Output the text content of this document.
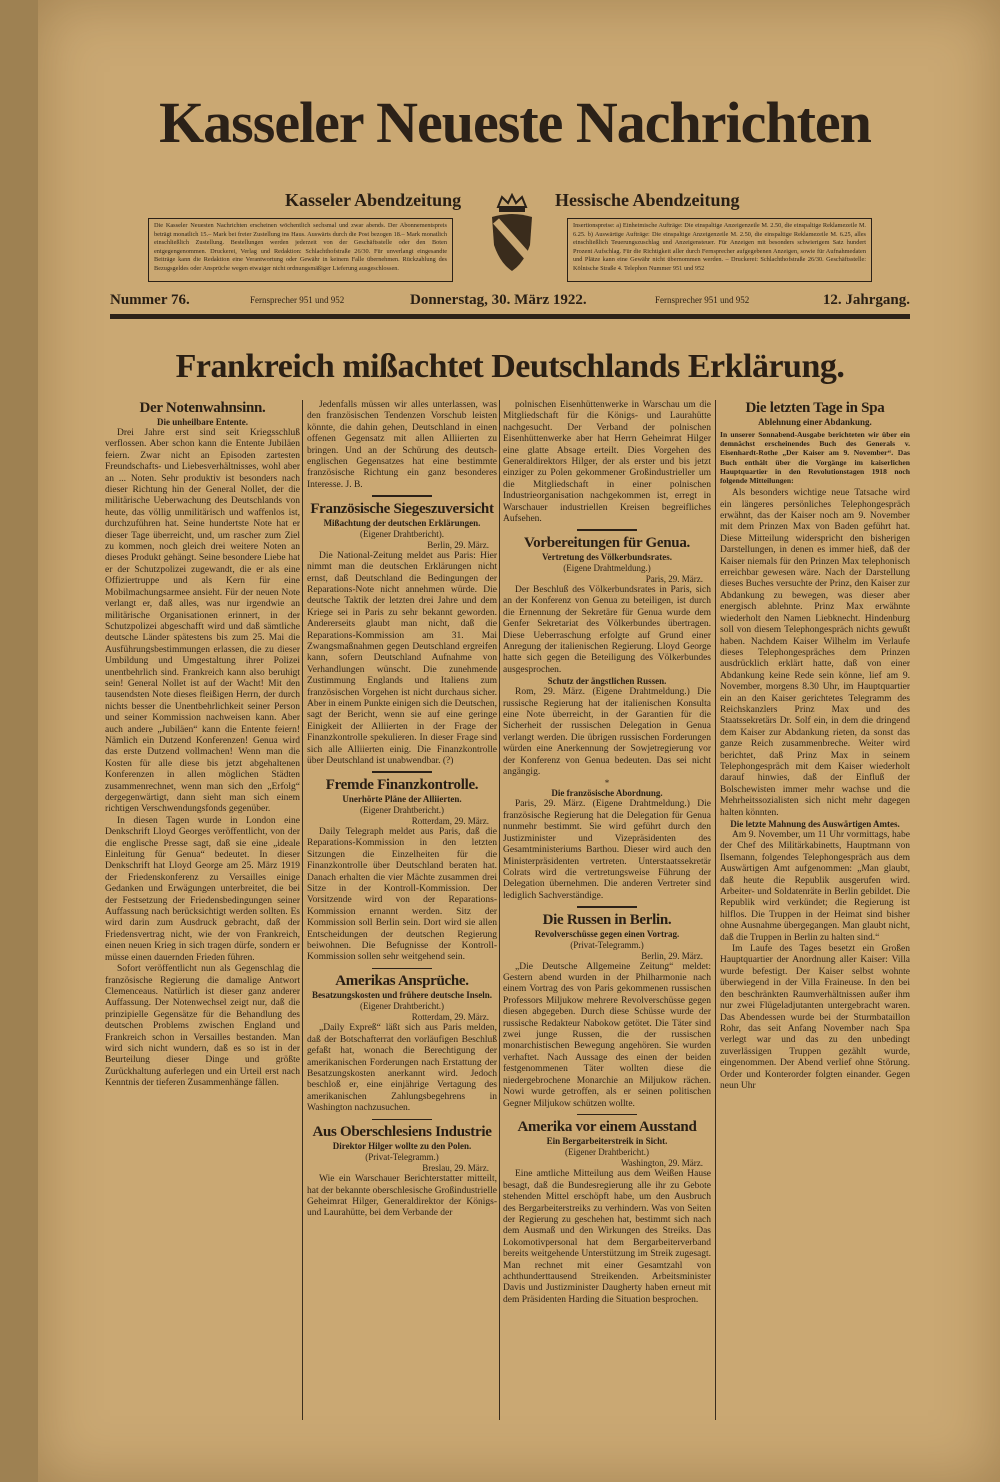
Kasseler Neueste Nachrichten
Kasseler Abendzeitung	Hessische Abendzeitung
Die Kasseler Neuesten Nachrichten erscheinen wöchentlich sechsmal und zwar abends. Der Abonnementspreis beträgt monatlich 15.– Mark bei freier Zustellung ins Haus. Auswärts durch die Post bezogen 18.– Mark monatlich einschließlich Zustellung. Bestellungen werden jederzeit von der Geschäftsstelle oder den Boten entgegengenommen. Druckerei, Verlag und Redaktion: Schlachthofstraße 26/30. Für unverlangt eingesandte Beiträge kann die Redaktion eine Verantwortung oder Gewähr in keinem Falle übernehmen. Rückzahlung des Bezugsgeldes oder Ansprüche wegen etwaiger nicht ordnungsmäßiger Lieferung ausgeschlossen.
Insertionspreise: a) Einheimische Aufträge: Die einspaltige Anzeigenzeile M. 2.50, die einspaltige Reklamezeile M. 6.25. b) Auswärtige Aufträge: Die einspaltige Anzeigenzeile M. 2.50, die einspaltige Reklamezeile M. 6.25, alles einschließlich Teuerungszuschlag und Anzeigensteuer. Für Anzeigen mit besonders schwierigem Satz hundert Prozent Aufschlag. Für die Richtigkeit aller durch Fernsprecher aufgegebenen Anzeigen, sowie für Aufnahmedaten und Plätze kann eine Gewähr nicht übernommen werden. – Druckerei: Schlachthofstraße 26/30. Geschäftsstelle: Kölnische Straße 4. Telephon Nummer 951 und 952
Nummer 76.	Fernsprecher 951 und 952	Donnerstag, 30. März 1922.	Fernsprecher 951 und 952	12. Jahrgang.
Frankreich mißachtet Deutschlands Erklärung.
Der Notenwahnsinn.
Die unheilbare Entente.

Drei Jahre erst sind seit Kriegsschluß verflossen. Aber schon kann die Entente Jubiläen feiern. Zwar nicht an Episoden zartesten Freundschafts- und Liebesverhältnisses, wohl aber an ... Noten. Sehr produktiv ist besonders nach dieser Richtung hin der General Nollet, der die militärische Ueberwachung des Deutschlands von heute, das völlig unmilitärisch und waffenlos ist, durchzuführen hat. Seine hundertste Note hat er dieser Tage überreicht, und, um rascher zum Ziel zu kommen, noch gleich drei weitere Noten an dieses Produkt gehängt. Seine besondere Liebe hat er der Schutzpolizei zugewandt, die er als eine Offiziertruppe und als Kern für eine Mobilmachungsarmee ansieht. Für der neuen Note verlangt er, daß alles, was nur irgendwie an militärische Organisationen erinnert, in der Schutzpolizei abgeschafft wird und daß sämtliche deutsche Länder spätestens bis zum 25. Mai die Ausführungsbestimmungen erlassen, die zu dieser Umbildung und Umgestaltung ihrer Polizei unentbehrlich sind. Frankreich kann also beruhigt sein! General Nollet ist auf der Wacht! Mit den tausendsten Note dieses fleißigen Herrn, der durch nichts besser die Unentbehrlichkeit seiner Person und seiner Kommission nachweisen kann. Aber auch andere „Jubiläen“ kann die Entente feiern! Nämlich ein Dutzend Konferenzen! Genua wird das erste Dutzend vollmachen! Wenn man die Kosten für alle diese bis jetzt abgehaltenen Konferenzen in allen möglichen Städten zusammenrechnet, wenn man sich den „Erfolg“ dergegenwärtigt, dann sieht man sich einem richtigen Verschwendungsfonds gegenüber.

In diesen Tagen wurde in London eine Denkschrift Lloyd Georges veröffentlicht, von der die englische Presse sagt, daß sie eine „ideale Einleitung für Genua“ bedeutet. In dieser Denkschrift hat Lloyd George am 25. März 1919 der Friedenskonferenz zu Versailles einige Gedanken und Erwägungen unterbreitet, die bei der Festsetzung der Friedensbedingungen seiner Auffassung nach berücksichtigt werden sollten. Es wird darin zum Ausdruck gebracht, daß der Friedensvertrag nicht, wie der von Frankreich, einen neuen Krieg in sich tragen dürfe, sondern er müsse einen dauernden Frieden führen.

Sofort veröffentlicht nun als Gegenschlag die französische Regierung die damalige Antwort Clemenceaus. Natürlich ist dieser ganz anderer Auffassung. Der Notenwechsel zeigt nur, daß die prinzipielle Gegensätze für die Behandlung des deutschen Problems zwischen England und Frankreich schon in Versailles bestanden. Man wird sich nicht wundern, daß es so ist in der Beurteilung dieser Dinge und größte Zurückhaltung auferlegen und ein Urteil erst nach Kenntnis der tieferen Zusammenhänge fällen.

Jedenfalls müssen wir alles unterlassen, was den französischen Tendenzen Vorschub leisten könnte, die dahin gehen, Deutschland in einen offenen Gegensatz mit allen Alliierten zu bringen. Und an der Schürung des deutsch-englischen Gegensatzes hat eine bestimmte französische Richtung ein ganz besonderes Interesse. J. B.

Französische Siegeszuversicht
Mißachtung der deutschen Erklärungen.
(Eigener Drahtbericht).
Berlin, 29. März.

Die National-Zeitung meldet aus Paris: Hier nimmt man die deutschen Erklärungen nicht ernst, daß Deutschland die Bedingungen der Reparations-Note nicht annehmen würde. Die deutsche Taktik der letzten drei Jahre und dem Kriege sei in Paris zu sehr bekannt geworden. Andererseits glaubt man nicht, daß die Reparations-Kommission am 31. Mai Zwangsmaßnahmen gegen Deutschland ergreifen kann, sofern Deutschland Aufnahme von Verhandlungen wünscht. Die zunehmende Zustimmung Englands und Italiens zum französischen Vorgehen ist nicht durchaus sicher. Aber in einem Punkte einigen sich die Deutschen, sagt der Bericht, wenn sie auf eine geringe Einigkeit der Alliierten in der Frage der Finanzkontrolle spekulieren. In dieser Frage sind sich alle Alliierten einig. Die Finanzkontrolle über Deutschland ist unabwendbar. (?)

Fremde Finanzkontrolle.
Unerhörte Pläne der Alliierten.
(Eigener Drahtbericht.)
Rotterdam, 29. März.

Daily Telegraph meldet aus Paris, daß die Reparations-Kommission in den letzten Sitzungen die Einzelheiten für die Finanzkontrolle über Deutschland beraten hat. Danach erhalten die vier Mächte zusammen drei Sitze in der Kontroll-Kommission. Der Vorsitzende wird von der Reparations-Kommission ernannt werden. Sitz der Kommission soll Berlin sein. Dort wird sie allen Entscheidungen der deutschen Regierung beiwohnen. Die Befugnisse der Kontroll-Kommission sollen sehr weitgehend sein.

Amerikas Ansprüche.
Besatzungskosten und frühere deutsche Inseln.
(Eigener Drahtbericht.)
Rotterdam, 29. März.

„Daily Expreß“ läßt sich aus Paris melden, daß der Botschafterrat den vorläufigen Beschluß gefaßt hat, wonach die Berechtigung der amerikanischen Forderungen nach Erstattung der Besatzungskosten anerkannt wird. Jedoch beschloß er, eine einjährige Vertagung des amerikanischen Zahlungsbegehrens in Washington nachzusuchen.

Aus Oberschlesiens Industrie
Direktor Hilger wollte zu den Polen.
(Privat-Telegramm.)
Breslau, 29. März.

Wie ein Warschauer Berichterstatter mitteilt, hat der bekannte oberschlesische Großindustrielle Geheimrat Hilger, Generaldirektor der Königs- und Laurahütte, bei dem Verbande der

polnischen Eisenhüttenwerke in Warschau um die Mitgliedschaft für die Königs- und Laurahütte nachgesucht. Der Verband der polnischen Eisenhüttenwerke aber hat Herrn Geheimrat Hilger eine glatte Absage erteilt. Dies Vorgehen des Generaldirektors Hilger, der als erster und bis jetzt einziger zu Polen gekommener Großindustrieller um die Mitgliedschaft in einer polnischen Industrieorganisation nachgekommen ist, erregt in Warschauer industriellen Kreisen begreifliches Aufsehen.

Vorbereitungen für Genua.
Vertretung des Völkerbundsrates.
(Eigene Drahtmeldung.)
Paris, 29. März.

Der Beschluß des Völkerbundsrates in Paris, sich an der Konferenz von Genua zu beteiligen, ist durch die Ernennung der Sekretäre für Genua wurde dem Genfer Sekretariat des Völkerbundes übertragen. Diese Ueberraschung erfolgte auf Grund einer Anregung der italienischen Regierung. Lloyd George hatte sich gegen die Beteiligung des Völkerbundes ausgesprochen.

Schutz der ängstlichen Russen.

Rom, 29. März. (Eigene Drahtmeldung.) Die russische Regierung hat der italienischen Konsulta eine Note überreicht, in der Garantien für die Sicherheit der russischen Delegation in Genua verlangt werden. Die übrigen russischen Forderungen würden eine Anerkennung der Sowjetregierung vor der Konferenz von Genua bedeuten. Das sei nicht angängig.

*
Die französische Abordnung.

Paris, 29. März. (Eigene Drahtmeldung.) Die französische Regierung hat die Delegation für Genua nunmehr bestimmt. Sie wird geführt durch den Justizminister und Vizepräsidenten des Gesamtministeriums Barthou. Dieser wird auch den Ministerpräsidenten vertreten. Unterstaatssekretär Colrats wird die vertretungsweise Führung der Delegation übernehmen. Die anderen Vertreter sind lediglich Sachverständige.

Die Russen in Berlin.
Revolverschüsse gegen einen Vortrag.
(Privat-Telegramm.)
Berlin, 29. März.

„Die Deutsche Allgemeine Zeitung“ meldet: Gestern abend wurden in der Philharmonie nach einem Vortrag des von Paris gekommenen russischen Professors Miljukow mehrere Revolverschüsse gegen diesen abgegeben. Durch diese Schüsse wurde der russische Redakteur Nabokow getötet. Die Täter sind zwei junge Russen, die der russischen monarchistischen Bewegung angehören. Sie wurden verhaftet. Nach Aussage des einen der beiden festgenommenen Täter wollten diese die niedergebrochene Monarchie an Miljukow rächen. Nowi wurde getroffen, als er seinen politischen Gegner Miljukow schützen wollte.

Amerika vor einem Ausstand
Ein Bergarbeiterstreik in Sicht.
(Eigener Drahtbericht.)
Washington, 29. März.

Eine amtliche Mitteilung aus dem Weißen Hause besagt, daß die Bundesregierung alle ihr zu Gebote stehenden Mittel erschöpft habe, um den Ausbruch des Bergarbeiterstreiks zu verhindern. Was von Seiten der Regierung zu geschehen hat, bestimmt sich nach dem Ausmaß und den Wirkungen des Streiks. Das Lokomotivpersonal hat dem Bergarbeiterverband bereits weitgehende Unterstützung im Streik zugesagt. Man rechnet mit einer Gesamtzahl von achthunderttausend Streikenden. Arbeitsminister Davis und Justizminister Daugherty haben erneut mit dem Präsidenten Harding die Situation besprochen.

Die letzten Tage in Spa
Ablehnung einer Abdankung.
In unserer Sonnabend-Ausgabe berichteten wir über ein demnächst erscheinendes Buch des Generals v. Eisenhardt-Rothe „Der Kaiser am 9. November“. Das Buch enthält über die Vorgänge im kaiserlichen Hauptquartier in den Revolutionstagen 1918 noch folgende Mitteilungen:

Als besonders wichtige neue Tatsache wird ein längeres persönliches Telephongespräch erwähnt, das der Kaiser noch am 9. November mit dem Prinzen Max von Baden geführt hat. Diese Mitteilung widerspricht den bisherigen Darstellungen, in denen es immer hieß, daß der Kaiser niemals für den Prinzen Max telephonisch erreichbar gewesen wäre. Nach der Darstellung dieses Buches versuchte der Prinz, den Kaiser zur Abdankung zu bewegen, was dieser aber energisch ablehnte. Prinz Max erwähnte wiederholt den Namen Liebknecht. Hindenburg soll von diesem Telephongespräch nichts gewußt haben. Nachdem Kaiser Wilhelm im Verlaufe dieses Telephongespräches dem Prinzen ausdrücklich erklärt hatte, daß von einer Abdankung keine Rede sein könne, lief am 9. November, morgens 8.30 Uhr, im Hauptquartier ein an den Kaiser gerichtetes Telegramm des Reichskanzlers Prinz Max und des Staatssekretärs Dr. Solf ein, in dem die dringend dem Kaiser zur Abdankung rieten, da sonst das ganze Reich zusammenbreche. Weiter wird berichtet, daß Prinz Max in seinem Telephongespräch mit dem Kaiser wiederholt darauf hinwies, daß der Einfluß der Bolschewisten immer mehr wachse und die Mehrheitssozialisten sich nicht mehr dagegen halten könnten.

Die letzte Mahnung des Auswärtigen Amtes.

Am 9. November, um 11 Uhr vormittags, habe der Chef des Militärkabinetts, Hauptmann von Ilsemann, folgendes Telephongespräch aus dem Auswärtigen Amt aufgenommen: „Man glaubt, daß heute die Republik ausgerufen wird. Arbeiter- und Soldatenräte in Berlin gebildet. Die Republik wird verkündet; die Regierung ist hilflos. Die Truppen in der Heimat sind bisher ohne Ausnahme übergegangen. Man glaubt nicht, daß die Truppen in Berlin zu halten sind.“

Im Laufe des Tages besetzt ein Großen Hauptquartier der Anordnung aller Kaiser: Villa wurde befestigt. Der Kaiser selbst wohnte überwiegend in der Villa Fraineuse. In den bei den beschränkten Raumverhältnissen außer ihm nur zwei Flügeladjutanten untergebracht waren. Das Abendessen wurde bei der Sturmbataillon Rohr, das seit Anfang November nach Spa verlegt war und das zu den unbedingt zuverlässigen Truppen gezählt wurde, eingenommen. Der Abend verlief ohne Störung. Order und Konterorder folgten einander. Gegen neun Uhr
